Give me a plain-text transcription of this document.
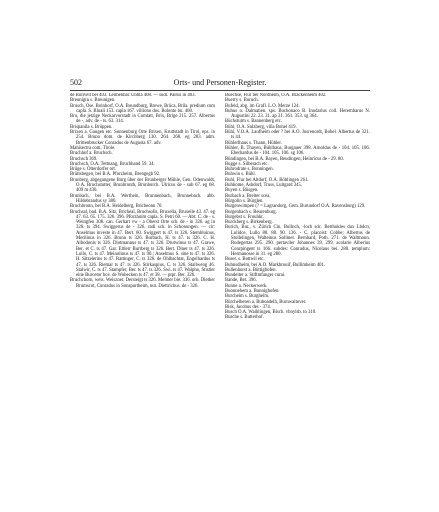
502	Orts- und Personen-Register.

de Bolivell bei 403. Leimenbac Übbla 408. — südl. Pairus in 403.

Breunigin s. Breunigen.

Brusch, Ose. Boinhorf, O.A. Boundburg, Brewe, Brüca, Brila. predium cum capla. S. Bloali 153. capla 167. villiono dos. Bolento bn. 400.

Bru, die jetzige Neckarvorstadt in Comtatt, Brix, Brige 215. 257. Albertus de -, adv. de - ts. 63. 314.

Brispanila s. Brüppen.

Brixen a. Gaugen etc. Sonnenburg Orte Brixen, Kruttstadt in Tirol, eps. in 254. Bruno dom. de Kirchberg 130. 264. 268. eg 283. adm. Brittenbrucker Conradus de Augusta 67. adv.

Mahisectra com. Tirole.

Bruchhof a. Bruchsch.

Bruchsch 369.

Bruchsch, O.A. Tettnang, Bruchhand 59. 34.

Brüge s. Otterdorfer ort.

Brüttsbegen, bei B.A. Pforzheim, Brengegb 92.

Brunberg, abgegangene Burg über der Brunberger Mühle, Gen. Odenwaldt, O.A. Bruchstutter, Brunbronth, Brunburch. Ulricus de - sub 67. eg 68. 409 m 430.

Brunbach, bei B.A. Werthein, Brunnenbach, Brunnebach. abb. Hildebrandus sy 380.

Bruchbronn, bei B.A. Heidelberg, Bricheonn 70.

Bruchsal, bad. B.A. Sitz, Bricheal, Bruchsolls, Bruxella, Bruxelle 43. 47. eg 47. 63. 65. 175. 326. 396. Pforzhoim capla. S. Petri 60. — Abt: C. de - s. Weingfen 308. can. Gerhart vw - a Oberst Orte sch. de - in 326. ag in 326. ts 394. Swiggerus de - 326. radi sch. in Schonungen. — cir: Anselmus investe in 47. Bert. 60. Swiggert ts 47. ts 326. Stemhluinus, Merilinus in 326. Bruno ts 326. Burbach, H. ts 47. ts 326. C. H. Albodonis ts 326. Diotmannus ts 47. ts 326. Drutwinus ts 47. Grawe, Ber. et C. ts 47. Gar. Eltlerr Burrberg ts 326. Bert. Diner ts 47. ts 326. Lollo, C. ts 47. Meinolinus ts 47. ts 90.; Anselmus S. sine ts 47. ts 326. H. Sitzelerins ts 47. Rattinger, C. ts 326. de Ohlbachtat, Engelhardus ts 47. ts 326. Riemar ts 47. ts 326. Stirkaspius, C. ts 326. Stallweng 46. Stalwir, C. ts 47. Stampfer, Ber. ts 47. ts 326. Swi. ts 47. Walpho, Stistler eine Burcetor hov. de Wobecken ts 47. et 38. — prpr. Ber. 326.

Bruchchorn, weis. Weiszner. Dersteigt ts 326. Melmer bie. 336. orb. Diether Brumscot, Cunradus in Sonspurtheim, nut. Diettrichus. de - 326.

Buechse, Flur bei Nordheim, O.A. Brackenheim 402.

Buerry s. Buruch.

Bufeld, abg. im Grafl. L.O. Merze 124.

Buhus n. Dalmatien. sps. Buchonaco B. Inodarius coll. Herembarus N. Augustini 22. 23. 31. ap 31. 361. 353. sg 364.

Büchsturm s. Bannenberg etc.

Bühl, O.A. Sulzberg, villa Bohel 419.

Bühl, V.O.A. Laufheim oder ? bei A.O. Jusrenordt, Bohel. Albertus de 321. ts 44.

Bühlerlhaus s. Thann, Hühler.

Bühler, B. Thayen, Bühlhaus, Burgauer 398. Arnoldus de - 104. 105. 106. Eberhardus de - 104. 105. 106. sg 106.

Bündingen, bei B.A. Bayen, Beudingen, Heinricus de - 29. 80.

Bugge s. Silberach etc.

Buhrodrate s. Bonningen.

Buhwin s. Bühl.

Buhl, Flur bei Altdorf, O.A. Böblingen 261.

Buhhome, Ashdorf, Truss, Luitgard 345.

Buyen s. Büsgen.

Burbach a. Breiter scea.

Bürgolin s. Bürglen.

Burgenwimpen (? = Lagrandorg, Gem. Burundorf O.A. Ravensburg) 129.

Burgenbach s. Beurenburg.

Burgebst s. Frouhkr.

Burckberg s. Birkenberg.

Burich, Bur., v. Zürich Cin. Bullnch, -loch sdc. Berthokles dux Lbdcn, Lolidce, Lullo 88. 88. 90. 136. - C. placoist: Cobbe; Albertus de Stollelingen, Walteinus Sollmer. Bernhard, Poth. 271. de Waltmonn. Rodegertas 295. 290. pertaviler Johannes 39. 299. acolarie Alberius Conrpingent ts 166. subdes: Conradus, Nicolaus bei. 280. templum: Hermanosse in 31. eg 280.

Buser. s. Bottwil etc.

Buhnsdheim, bei A.O. Markbrouif, Bullimheim 401.

Bullenhorst a. Büttighofen.

Bundeiter a. Stiftmfanger curai.

Bande, Ber. 396.

Bunne a. Neckerwerk.

Buonnehem a. Bunnighofen.

Burcheim s. Burgheim.

Bürchelberen a. Buboadelh, Burnwaltover.

Bisk, Jacobus des - 374.

Busch O.A. Waiblingen, Bisch. vbnylsb. to 310.

Busche s. Butterhof.
